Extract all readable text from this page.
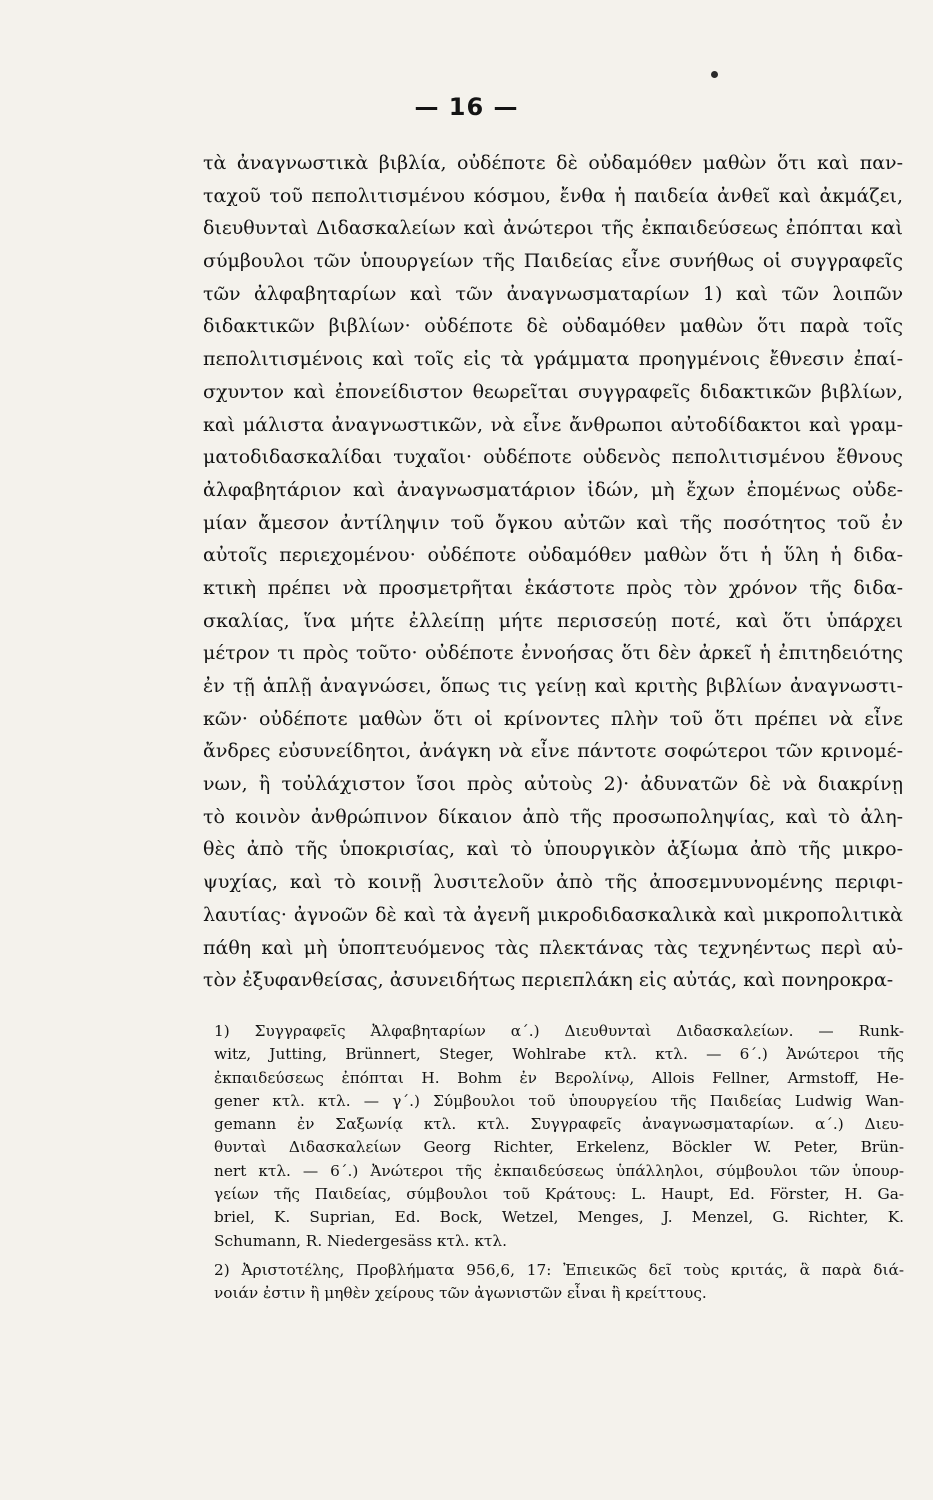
— 16 —
τὰ ἀναγνωστικὰ βιβλία, οὐδέποτε δὲ οὐδαμόθεν μαθὼν ὅτι καὶ παν-
ταχοῦ τοῦ πεπολιτισμένου κόσμου, ἔνθα ἡ παιδεία ἀνθεῖ καὶ ἀκμάζει,
διευθυνταὶ Διδασκαλείων καὶ ἀνώτεροι τῆς ἐκπαιδεύσεως ἐπόπται καὶ
σύμβουλοι τῶν ὑπουργείων τῆς Παιδείας εἶνε συνήθως οἱ συγγραφεῖς
τῶν ἀλφαβηταρίων καὶ τῶν ἀναγνωσματαρίων 1) καὶ τῶν λοιπῶν
διδακτικῶν βιβλίων· οὐδέποτε δὲ οὐδαμόθεν μαθὼν ὅτι παρὰ τοῖς
πεπολιτισμένοις καὶ τοῖς εἰς τὰ γράμματα προηγμένοις ἔθνεσιν ἐπαί-
σχυντον καὶ ἐπονείδιστον θεωρεῖται συγγραφεῖς διδακτικῶν βιβλίων,
καὶ μάλιστα ἀναγνωστικῶν, νὰ εἶνε ἄνθρωποι αὐτοδίδακτοι καὶ γραμ-
ματοδιδασκαλίδαι τυχαῖοι· οὐδέποτε οὐδενὸς πεπολιτισμένου ἔθνους
ἀλφαβητάριον καὶ ἀναγνωσματάριον ἰδών, μὴ ἔχων ἐπομένως οὐδε-
μίαν ἄμεσον ἀντίληψιν τοῦ ὄγκου αὐτῶν καὶ τῆς ποσότητος τοῦ ἐν
αὐτοῖς περιεχομένου· οὐδέποτε οὐδαμόθεν μαθὼν ὅτι ἡ ὕλη ἡ διδα-
κτικὴ πρέπει νὰ προσμετρῆται ἑκάστοτε πρὸς τὸν χρόνον τῆς διδα-
σκαλίας, ἵνα μήτε ἐλλείπῃ μήτε περισσεύῃ ποτέ, καὶ ὅτι ὑπάρχει
μέτρον τι πρὸς τοῦτο· οὐδέποτε ἐννοήσας ὅτι δὲν ἀρκεῖ ἡ ἐπιτηδειότης
ἐν τῇ ἁπλῇ ἀναγνώσει, ὅπως τις γείνῃ καὶ κριτὴς βιβλίων ἀναγνωστι-
κῶν· οὐδέποτε μαθὼν ὅτι οἱ κρίνοντες πλὴν τοῦ ὅτι πρέπει νὰ εἶνε
ἄνδρες εὐσυνείδητοι, ἀνάγκη νὰ εἶνε πάντοτε σοφώτεροι τῶν κρινομέ-
νων, ἢ τοὐλάχιστον ἴσοι πρὸς αὐτοὺς 2)· ἀδυνατῶν δὲ νὰ διακρίνῃ
τὸ κοινὸν ἀνθρώπινον δίκαιον ἀπὸ τῆς προσωποληψίας, καὶ τὸ ἀλη-
θὲς ἀπὸ τῆς ὑποκρισίας, καὶ τὸ ὑπουργικὸν ἀξίωμα ἀπὸ τῆς μικρο-
ψυχίας, καὶ τὸ κοινῇ λυσιτελοῦν ἀπὸ τῆς ἀποσεμνυνομένης περιφι-
λαυτίας· ἀγνοῶν δὲ καὶ τὰ ἀγενῆ μικροδιδασκαλικὰ καὶ μικροπολιτικὰ
πάθη καὶ μὴ ὑποπτευόμενος τὰς πλεκτάνας τὰς τεχνηέντως περὶ αὐ-
τὸν ἐξυφανθείσας, ἀσυνειδήτως περιεπλάκη εἰς αὐτάς, καὶ πονηροκρα-
1) Συγγραφεῖς Ἀλφαβηταρίων α΄.) Διευθυνταὶ Διδασκαλείων. — Runk-
witz, Jutting, Brünnert, Steger, Wohlrabe κτλ. κτλ. — 6΄.) Ἀνώτεροι τῆς
ἐκπαιδεύσεως ἐπόπται H. Bohm ἐν Βερολίνῳ, Allois Fellner, Armstoff, He-
gener κτλ. κτλ. — γ΄.) Σύμβουλοι τοῦ ὑπουργείου τῆς Παιδείας Ludwig Wan-
gemann ἐν Σαξωνίᾳ κτλ. κτλ. Συγγραφεῖς ἀναγνωσματαρίων. α΄.) Διευ-
θυνταὶ Διδασκαλείων Georg Richter, Erkelenz, Böckler W. Peter, Brün-
nert κτλ. — 6΄.) Ἀνώτεροι τῆς ἐκπαιδεύσεως ὑπάλληλοι, σύμβουλοι τῶν ὑπουρ-
γείων τῆς Παιδείας, σύμβουλοι τοῦ Κράτους: L. Haupt, Ed. Förster, H. Ga-
briel, K. Suprian, Ed. Bock, Wetzel, Menges, J. Menzel, G. Richter, K.
Schumann, R. Niedergesäss κτλ. κτλ.
2) Ἀριστοτέλης, Προβλήματα 956,6, 17: Ἐπιεικῶς δεῖ τοὺς κριτάς, ἃ παρὰ διά-
νοιάν ἐστιν ἢ μηθὲν χείρους τῶν ἀγωνιστῶν εἶναι ἢ κρείττους.
